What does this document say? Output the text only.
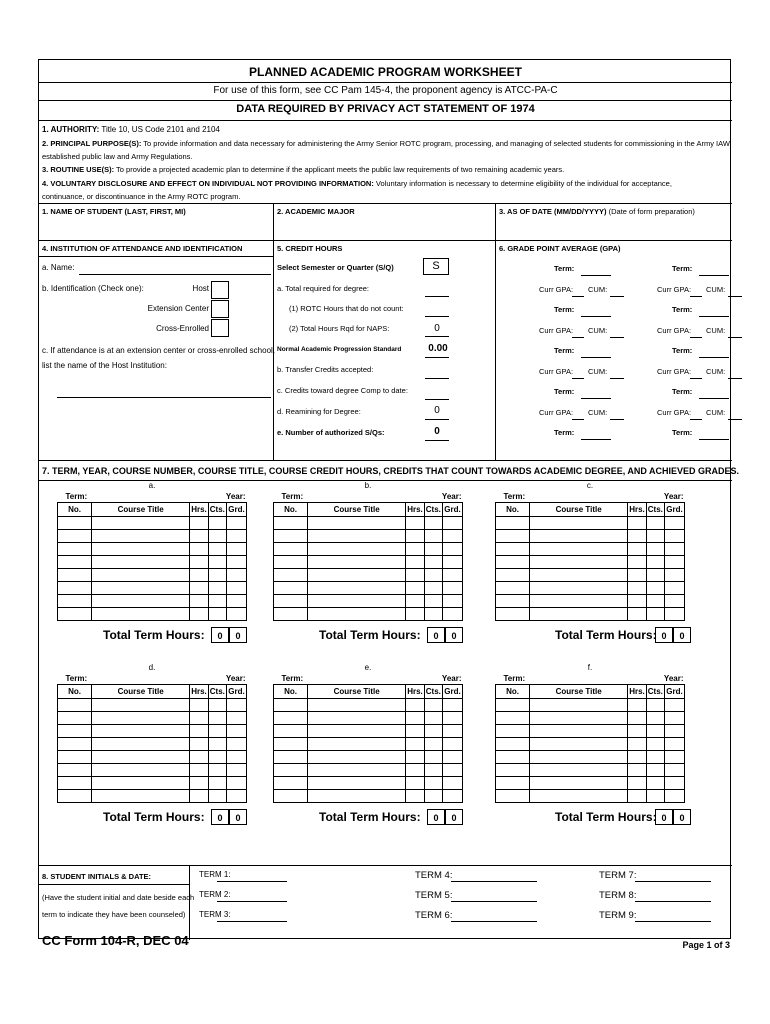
PLANNED ACADEMIC PROGRAM WORKSHEET
For use of this form, see CC Pam 145-4, the proponent agency is ATCC-PA-C
DATA REQUIRED BY PRIVACY ACT STATEMENT OF 1974
1. AUTHORITY: Title 10, US Code 2101 and 2104
2. PRINCIPAL PURPOSE(S): To provide information and data necessary for administering the Army Senior ROTC program, processing, and managing of selected students for commissioning in the Army IAW
established public law and Army Regulations.
3. ROUTINE USE(S): To provide a projected academic plan to determine if the applicant meets the public law requirements of two remaining academic years.
4. VOLUNTARY DISCLOSURE AND EFFECT ON INDIVIDUAL NOT PROVIDING INFORMATION: Voluntary information is necessary to determine eligibility of the individual for acceptance,
continuance, or discontinuance in the Army ROTC program.
1. NAME OF STUDENT (LAST, FIRST, MI)	2. ACADEMIC MAJOR	3. AS OF DATE (MM/DD/YYYY) (Date of form preparation)
4. INSTITUTION OF ATTENDANCE AND IDENTIFICATION
a. Name:
b. Identification (Check one):	Host
Extension Center
Cross-Enrolled
c. If attendance is at an extension center or cross-enrolled school,
list the name of the Host Institution:
5. CREDIT HOURS
Select Semester or Quarter (S/Q)	S
a. Total required for degree:
(1) ROTC Hours that do not count:
(2) Total Hours Rqd for NAPS:	0
Normal Academic Progression Standard	0.00
b. Transfer Credits accepted:
c. Credits toward degree Comp to date:
d. Reamining for Degree:	0
e. Number of authorized S/Qs:	0
6. GRADE POINT AVERAGE (GPA)
Term:	Term:
Curr GPA: CUM:	Curr GPA: CUM:
Term:	Term:
Curr GPA: CUM:	Curr GPA: CUM:
Term:	Term:
Curr GPA: CUM:	Curr GPA: CUM:
Term:	Term:
Curr GPA: CUM:	Curr GPA: CUM:
Term:	Term:
7. TERM, YEAR, COURSE NUMBER, COURSE TITLE, COURSE CREDIT HOURS, CREDITS THAT COUNT TOWARDS ACADEMIC DEGREE, AND ACHIEVED GRADES.
a.
Term:		Year:		
No.	Course Title	Hrs.	Cts.	Grd.

Total Term Hours:	0	0
b.
Term:		Year:		
No.	Course Title	Hrs.	Cts.	Grd.

Total Term Hours:	0	0
c.
Term:		Year:		
No.	Course Title	Hrs.	Cts.	Grd.

Total Term Hours: 0	0
d.
Term:		Year:		
No.	Course Title	Hrs.	Cts.	Grd.

Total Term Hours:	0	0
e.
Term:		Year:		
No.	Course Title	Hrs.	Cts.	Grd.

Total Term Hours:	0	0
f.
Term:		Year:		
No.	Course Title	Hrs.	Cts.	Grd.

Total Term Hours: 0	0
8. STUDENT INITIALS & DATE:
(Have the student initial and date beside each
term to indicate they have been counseled)
TERM 1:
TERM 2:
TERM 3:
TERM 4:
TERM 5:
TERM 6:
TERM 7:
TERM 8:
TERM 9:
CC Form 104-R, DEC 04	Page 1 of 3
